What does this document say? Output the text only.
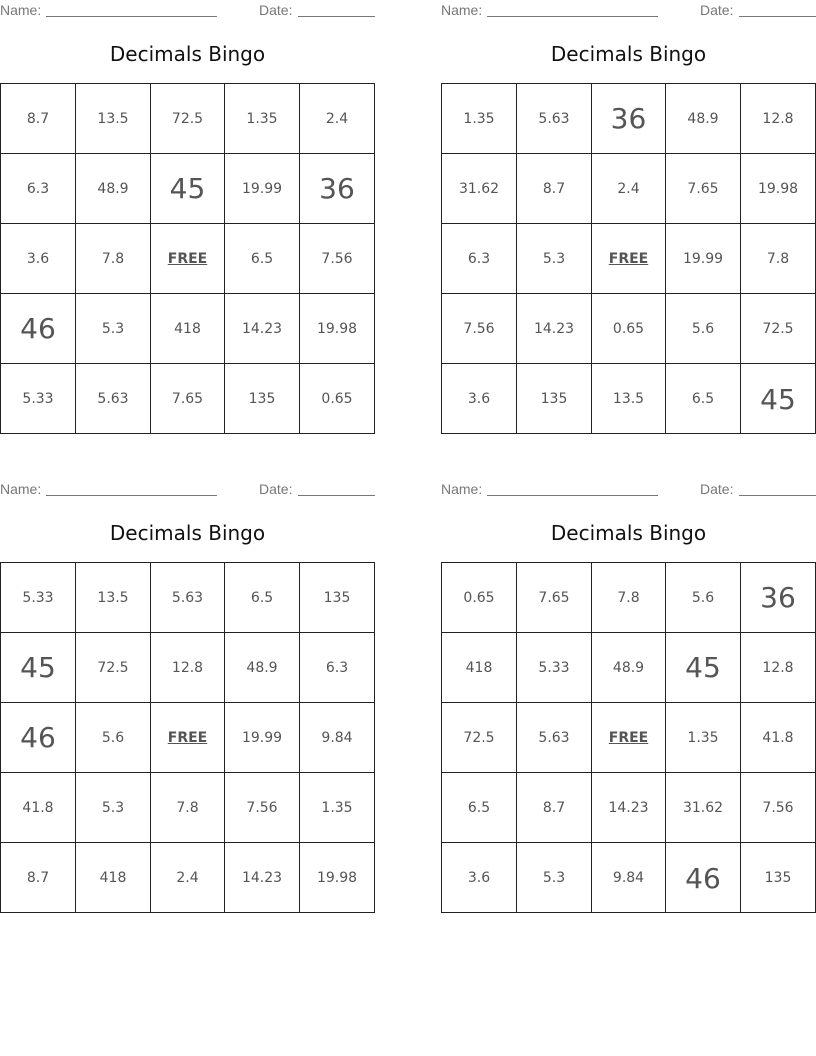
Name:	Date:
Decimals Bingo
8.7	13.5	72.5	1.35	2.4
6.3	48.9	45	19.99	36
3.6	7.8	FREE	6.5	7.56
46	5.3	418	14.23	19.98
5.33	5.63	7.65	135	0.65
Name:	Date:
Decimals Bingo
1.35	5.63	36	48.9	12.8
31.62	8.7	2.4	7.65	19.98
6.3	5.3	FREE	19.99	7.8
7.56	14.23	0.65	5.6	72.5
3.6	135	13.5	6.5	45
Name:	Date:
Decimals Bingo
5.33	13.5	5.63	6.5	135
45	72.5	12.8	48.9	6.3
46	5.6	FREE	19.99	9.84
41.8	5.3	7.8	7.56	1.35
8.7	418	2.4	14.23	19.98
Name:	Date:
Decimals Bingo
0.65	7.65	7.8	5.6	36
418	5.33	48.9	45	12.8
72.5	5.63	FREE	1.35	41.8
6.5	8.7	14.23	31.62	7.56
3.6	5.3	9.84	46	135
